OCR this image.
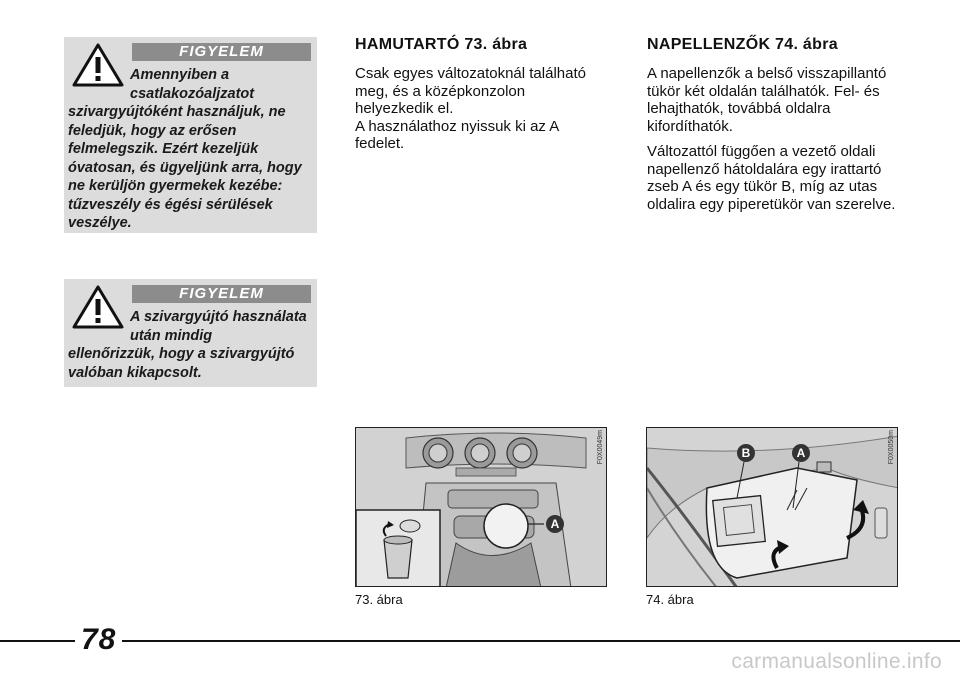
FIGYELEM
Amennyiben a csatlakozóaljzatot
szivargyújtóként használjuk, ne feledjük, hogy az erősen felmelegszik. Ezért kezeljük óvatosan, és ügyeljünk arra, hogy ne kerüljön gyermekek kezébe: tűzveszély és égési sérülések veszélye.
FIGYELEM
A szivargyújtó használata után mindig
ellenőrizzük, hogy a szivargyújtó valóban kikapcsolt.
HAMUTARTÓ 73. ábra

Csak egyes változatoknál található meg, és a középkonzolon helyezkedik el.

A használathoz nyissuk ki az A fedelet.

NAPELLENZŐK 74. ábra

A napellenzők a belső visszapillantó tükör két oldalán találhatók. Fel- és lehajthatók, továbbá oldalra kifordíthatók.

Változattól függően a vezető oldali napellenző hátoldalára egy irattartó zseb A és egy tükör B, míg az utas oldalira egy piperetükör van szerelve.

A
F0X0049m
73. ábra
B	A	F0X0050m
74. ábra
78
carmanualsonline.info
